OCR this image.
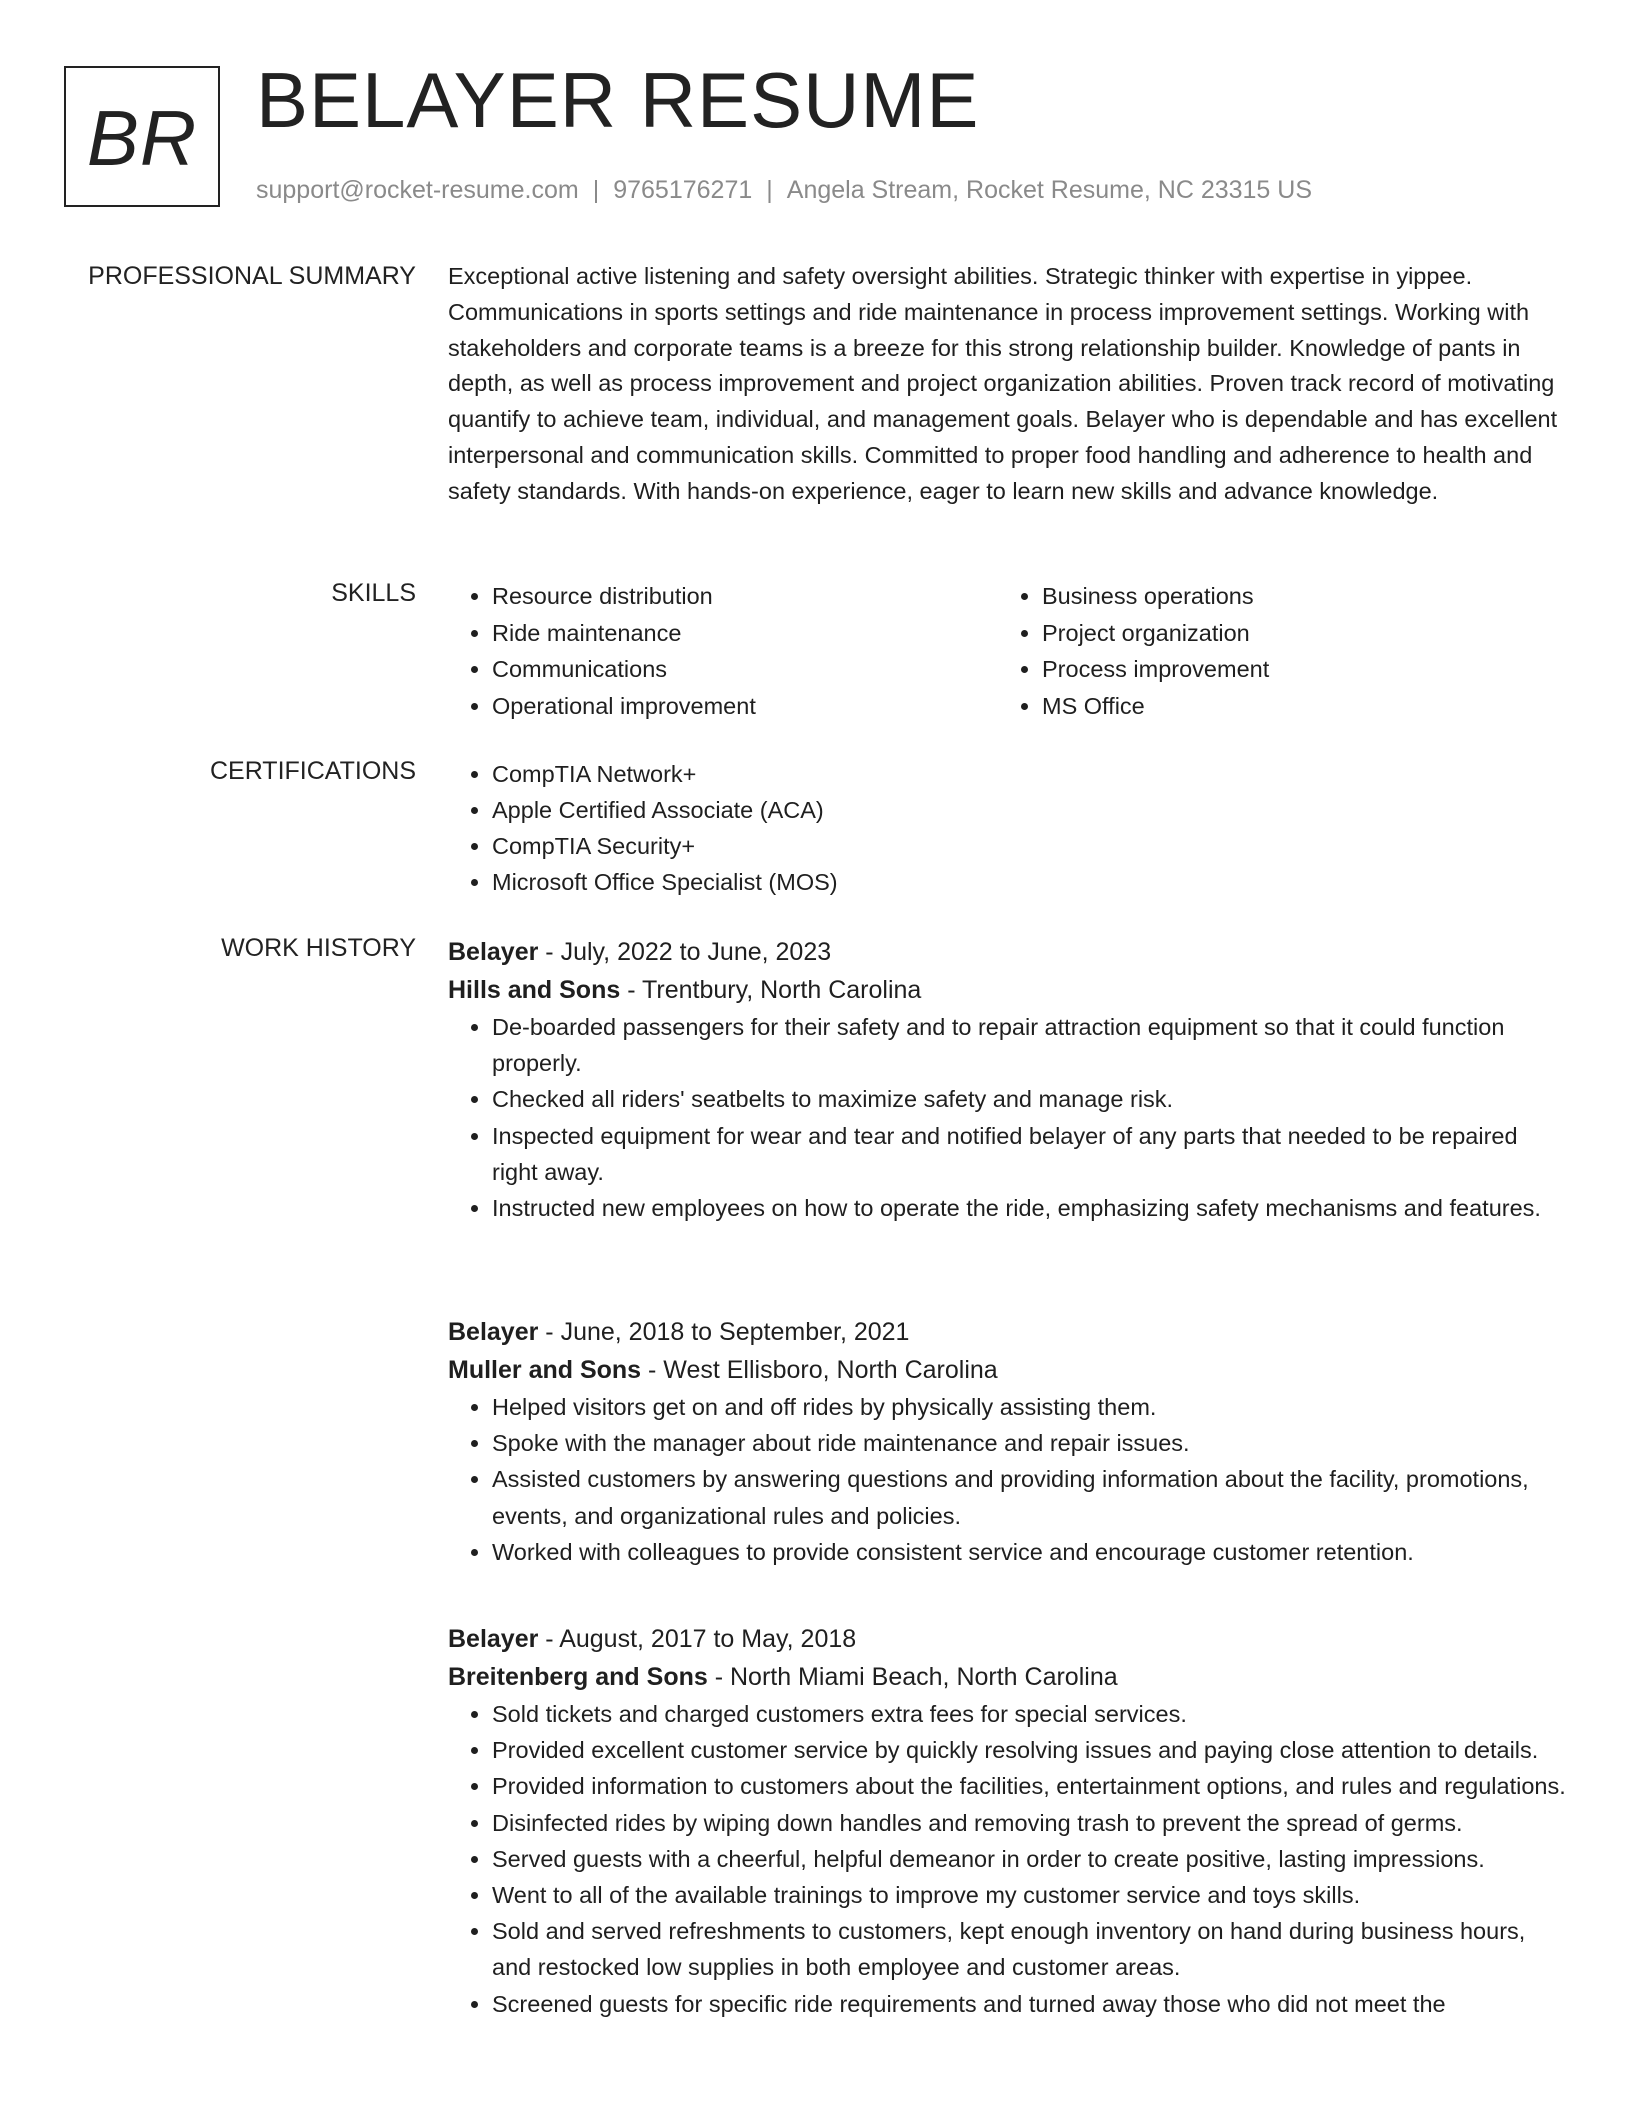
BR BELAYER RESUME
support@rocket-resume.com | 9765176271 | Angela Stream, Rocket Resume, NC 23315 US
PROFESSIONAL SUMMARY Exceptional active listening and safety oversight abilities. Strategic thinker with expertise in yippee. Communications in sports settings and ride maintenance in process improvement settings. Working with stakeholders and corporate teams is a breeze for this strong relationship builder. Knowledge of pants in depth, as well as process improvement and project organization abilities. Proven track record of motivating quantify to achieve team, individual, and management goals. Belayer who is dependable and has excellent interpersonal and communication skills. Committed to proper food handling and adherence to health and safety standards. With hands-on experience, eager to learn new skills and advance knowledge.

SKILLS	• Resource distribution
• Ride maintenance
• Communications
• Operational improvement
• Business operations
• Project organization
• Process improvement
• MS Office
CERTIFICATIONS	• CompTIA Network+
• Apple Certified Associate (ACA)
• CompTIA Security+
• Microsoft Office Specialist (MOS)
WORK HISTORY Belayer - July, 2022 to June, 2023
Hills and Sons - Trentbury, North Carolina
• De-boarded passengers for their safety and to repair attraction equipment so that it could function properly.
• Checked all riders' seatbelts to maximize safety and manage risk.
• Inspected equipment for wear and tear and notified belayer of any parts that needed to be repaired right away.
• Instructed new employees on how to operate the ride, emphasizing safety mechanisms and features.
Belayer - June, 2018 to September, 2021
Muller and Sons - West Ellisboro, North Carolina
• Helped visitors get on and off rides by physically assisting them.
• Spoke with the manager about ride maintenance and repair issues.
• Assisted customers by answering questions and providing information about the facility, promotions, events, and organizational rules and policies.
• Worked with colleagues to provide consistent service and encourage customer retention.
Belayer - August, 2017 to May, 2018
Breitenberg and Sons - North Miami Beach, North Carolina
• Sold tickets and charged customers extra fees for special services.
• Provided excellent customer service by quickly resolving issues and paying close attention to details.
• Provided information to customers about the facilities, entertainment options, and rules and regulations.
• Disinfected rides by wiping down handles and removing trash to prevent the spread of germs.
• Served guests with a cheerful, helpful demeanor in order to create positive, lasting impressions.
• Went to all of the available trainings to improve my customer service and toys skills.
• Sold and served refreshments to customers, kept enough inventory on hand during business hours, and restocked low supplies in both employee and customer areas.
• Screened guests for specific ride requirements and turned away those who did not meet the
